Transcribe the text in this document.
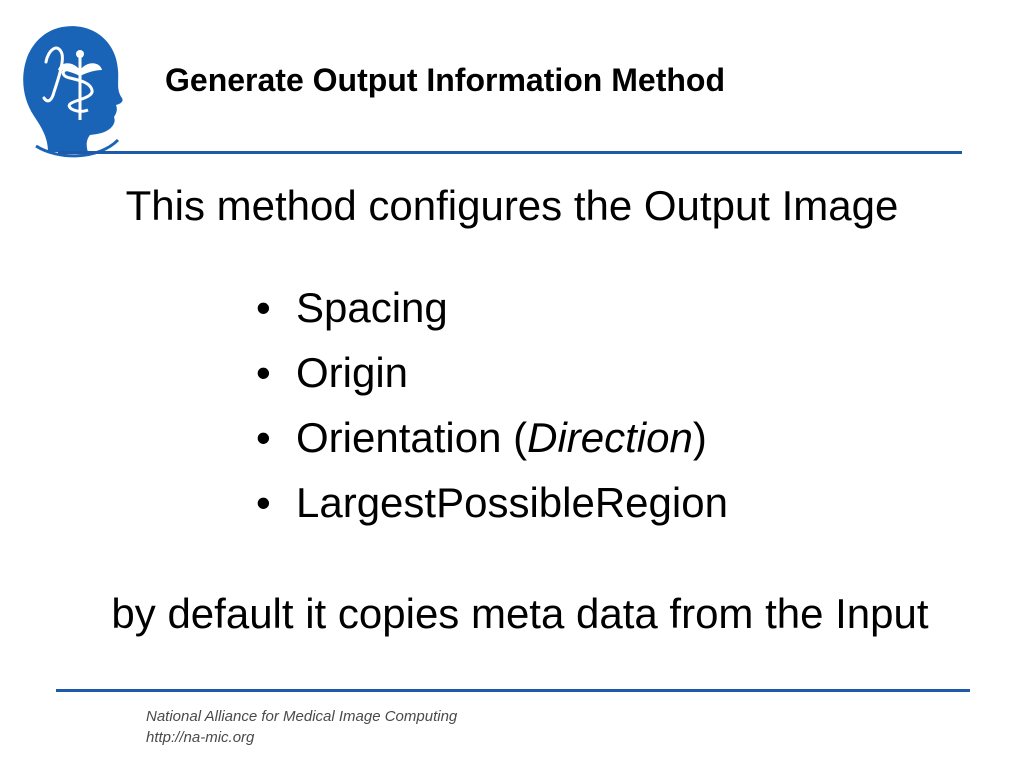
Generate Output Information Method
This method configures the Output Image
• Spacing
• Origin
• Orientation (Direction)
• LargestPossibleRegion
by default it copies meta data from the Input
National Alliance for Medical Image Computing
http://na-mic.org
